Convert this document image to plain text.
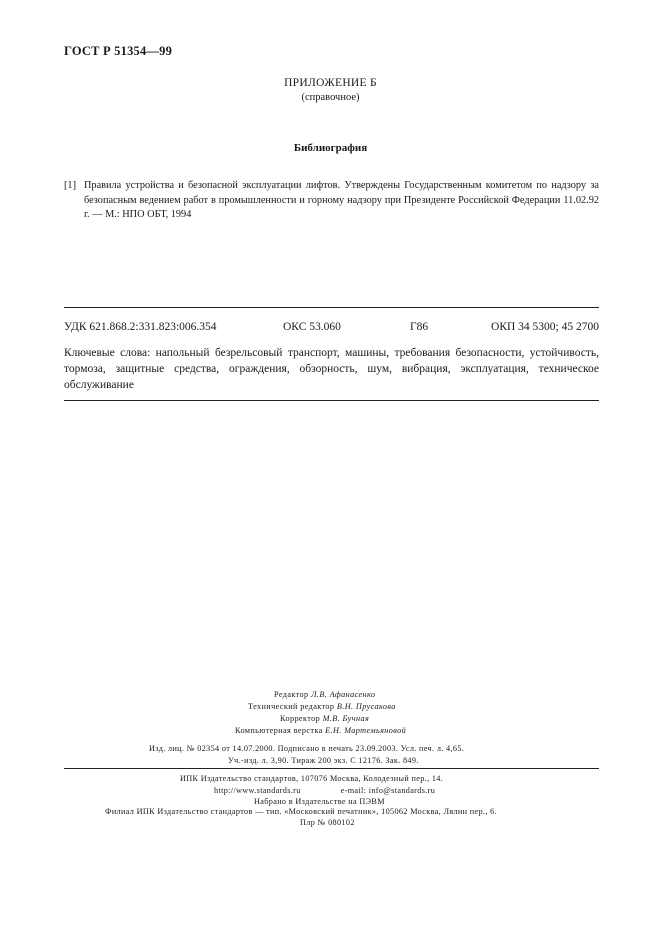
ГОСТ Р 51354—99
ПРИЛОЖЕНИЕ Б
(справочное)
Библиография
[1] Правила устройства и безопасной эксплуатации лифтов. Утверждены Государственным комитетом по надзору за безопасным ведением работ в промышленности и горному надзору при Президенте Российской Федерации 11.02.92 г. — М.: НПО ОБТ, 1994
УДК 621.868.2:331.823:006.354	ОКС 53.060	Г86	ОКП 34 5300; 45 2700
Ключевые слова: напольный безрельсовый транспорт, машины, требования безопасности, устойчивость, тормоза, защитные средства, ограждения, обзорность, шум, вибрация, эксплуатация, техническое обслуживание
Редактор Л.В. Афанасенко
Технический редактор В.Н. Прусакова
Корректор М.В. Бучная
Компьютерная верстка Е.Н. Мартемьяновой
Изд. лиц. № 02354 от 14.07.2000. Подписано в печать 23.09.2003. Усл. печ. л. 4,65.
Уч.-изд. л. 3,90. Тираж 200 экз. С 12176. Зак. 849.
ИПК Издательство стандартов, 107076 Москва, Колодезный пер., 14.
http://www.standards.ru	e-mail: info@standards.ru
Набрано в Издательстве на ПЭВМ
Филиал ИПК Издательство стандартов — тип. «Московский печатник», 105062 Москва, Лялин пер., 6.
Плр № 080102
